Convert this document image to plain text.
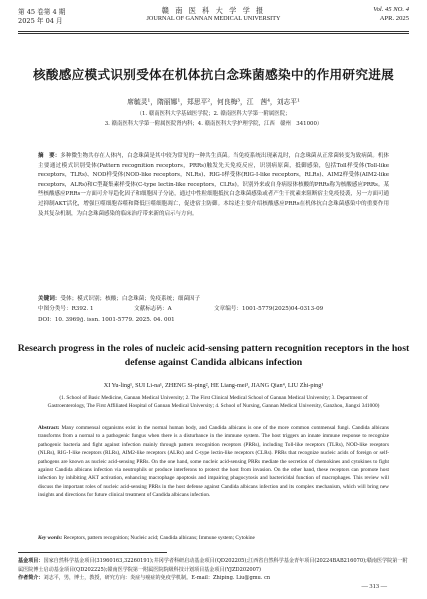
第 45 卷第 4 期
2025 年 04 月
赣 南 医 科 大 学 学 报
JOURNAL OF GANNAN MEDICAL UNIVERSITY
Vol. 45 NO. 4
APR. 2025
核酸感应模式识别受体在机体抗白念珠菌感染中的作用研究进展
席毓灵¹，隋丽娜¹，郑思平²，何良梅³，江　茜⁴，刘志平¹
（1. 赣南医科大学基础医学院；2. 赣南医科大学第一附属医院；
3. 赣南医科大学第一附属医院肾内科；4. 赣南医科大学护理学院，江西　赣州　341000）
摘　要：多种微生物共存在人体内，白念珠菌是其中较为常见的一种共生真菌。当免疫系统出现紊乱时，白念珠菌从正常菌转变为致病菌。机体主要通过模式识别受体(Pattern recognition receptors，PRRs)触发先天免疫反应，识别病原菌，抵御感染，包括Toll样受体(Toll-like receptors，TLRs)、NOD样受体(NOD-like receptors，NLRs)、RIG-Ⅰ样受体(RIG-Ⅰ-like receptors，RLRs)、AIM2样受体(AIM2-like receptors，ALRs)和C型凝集素样受体(C-type lectin-like receptors，CLRs)。识别外来或自身病原体核酸的PRRs称为核酸感应PRRs。某些核酸感应PRRs一方面可介导趋化因子和细胞因子分泌，通过中性粒细胞抵抗白念珠菌感染或者产生干扰素来阻断宿主免疫侵袭，另一方面可通过抑制AKT活化，增强巨噬细胞吞噬和降低巨噬细胞凋亡，促进宿主防御。本综述主要介绍核酸感应PRRs在机体抗白念珠菌感染中的重要作用及其复杂机制，为白念珠菌感染的临床治疗带来新的启示与方向。
关键词：受体；模式识别；核酸；白念珠菌；免疫系统；细菌因子
中图分类号：R392. 1	文献标志码：A	文章编号：1001-5779(2025)04-0313-09
DOI：10. 3969/j. issn. 1001-5779. 2025. 04. 001
Research progress in the roles of nucleic acid-sensing pattern recognition receptors in the host defense against Candida albicans infection
XI Yu-ling¹, SUI Li-na¹, ZHENG Si-ping², HE Liang-mei³, JIANG Qian⁴, LIU Zhi-ping¹
(1. School of Basic Medicine, Gannan Medical University; 2. The First Clinical Medical School of Gannan Medical University; 3. Department of Gastroenterology, The First Affiliated Hospital of Gannan Medical University; 4. School of Nursing, Gannan Medical University, Ganzhou, Jiangxi 341000)
Abstract: Many commensal organisms exist in the normal human body, and Candida albicans is one of the more common commensal fungi. Candida albicans transforms from a normal to a pathogenic fungus when there is a disturbance in the immune system. The host triggers an innate immune response to recognize pathogenic bacteria and fight against infection mainly through pattern recognition receptors (PRRs), including Toll-like receptors (TLRs), NOD-like receptors (NLRs), RIG-Ⅰ-like receptors (RLRs), AIM2-like receptors (ALRs) and C-type lectin-like receptors (CLRs). PRRs that recognize nucleic acids of foreign or self-pathogens are known as nucleic acid-sensing PRRs. On the one hand, some nucleic acid-sensing PRRs mediate the secretion of chemokines and cytokines to fight against Candida albicans infection via neutrophils or produce interferons to protect the host from invasion. On the other hand, these receptors can promote host infection by inhibiting AKT activation, enhancing macrophage apoptosis and impairing phagocytosis and bactericidal function of macrophages. This review will discuss the important roles of nucleic acid-sensing PRRs in the host defense against Candida albicans infection and its complex mechanism, which will bring new insights and directions for future clinical treatment of Candida albicans infection.
Key words: Receptors, pattern recognition; Nucleic acid; Candida albicans; Immune system; Cytokine
基金项目：国家自然科学基金项目(31960163,32260191);井冈学者科研启动基金项目(QD202205);江西省自然科学基金青年项目(20224BAB216070);赣南医学院第一附属医院博士启动基金项目(QD202225);赣南医学院第一附属医院院级科技计划项目基金项目(YJZD202007)
作者简介：刘志平，男，博士，教授，研究方向：炎症与癌症的免疫学机制。E-mail：Zhiping. Liu@gmu. cn
— 313 —
